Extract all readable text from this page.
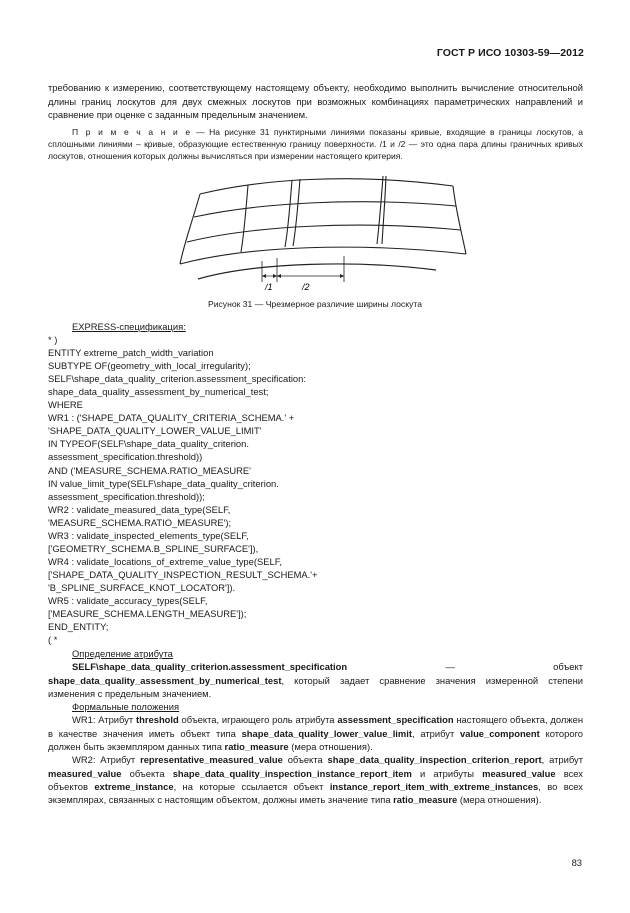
ГОСТ Р ИСО 10303-59—2012

требованию к измерению, соответствующему настоящему объекту, необходимо выполнить вычисление относительной длины границ лоскутов для двух смежных лоскутов при возможных комбинациях параметрических направлений и сравнение при оценке с заданным предельным значением.

П р и м е ч а н и е — На рисунке 31 пунктирными линиями показаны кривые, входящие в границы лоскутов, а сплошными линиями – кривые, образующие естественную границу поверхности. /1 и /2 — это одна пара длины граничных кривых лоскутов, отношения которых должны вычисляться при измерении настоящего критерия.

/1	/2
Рисунок 31 — Чрезмерное различие ширины лоскута
EXPRESS-спецификация:
* )
ENTITY extreme_patch_width_variation
SUBTYPE OF(geometry_with_local_irregularity);
SELF\shape_data_quality_criterion.assessment_specification:
shape_data_quality_assessment_by_numerical_test;
WHERE
WR1 : ('SHAPE_DATA_QUALITY_CRITERIA_SCHEMA.' +
'SHAPE_DATA_QUALITY_LOWER_VALUE_LIMIT'
IN TYPEOF(SELF\shape_data_quality_criterion.
assessment_specification.threshold))
AND ('MEASURE_SCHEMA.RATIO_MEASURE'
IN value_limit_type(SELF\shape_data_quality_criterion.
assessment_specification.threshold));
WR2 : validate_measured_data_type(SELF,
'MEASURE_SCHEMA.RATIO_MEASURE');
WR3 : validate_inspected_elements_type(SELF,
['GEOMETRY_SCHEMA.B_SPLINE_SURFACE']),
WR4 : validate_locations_of_extreme_value_type(SELF,
['SHAPE_DATA_QUALITY_INSPECTION_RESULT_SCHEMA.'+
'B_SPLINE_SURFACE_KNOT_LOCATOR']).
WR5 : validate_accuracy_types(SELF,
['MEASURE_SCHEMA.LENGTH_MEASURE']);
END_ENTITY;
( *
Определение атрибута

SELF\shape_data_quality_criterion.assessment_specification — объект shape_data_quality_assessment_by_numerical_test, который задает сравнение значения измеренной степени изменения с предельным значением.

Формальные положения

WR1: Атрибут threshold объекта, играющего роль атрибута assessment_specification настоящего объекта, должен в качестве значения иметь объект типа shape_data_quality_lower_value_limit, атрибут value_component которого должен быть экземпляром данных типа ratio_measure (мера отношения).

WR2: Атрибут representative_measured_value объекта shape_data_quality_inspection_criterion_report, атрибут measured_value объекта shape_data_quality_inspection_instance_report_item и атрибуты measured_value всех объектов extreme_instance, на которые ссылается объект instance_report_item_with_extreme_instances, во всех экземплярах, связанных с настоящим объектом, должны иметь значение типа ratio_measure (мера отношения).

83
